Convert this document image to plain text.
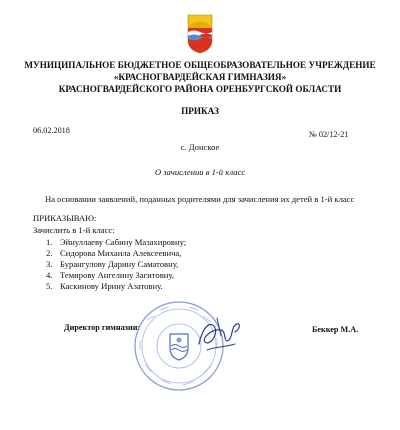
МУНИЦИПАЛЬНОЕ БЮДЖЕТНОЕ ОБЩЕОБРАЗОВАТЕЛЬНОЕ УЧРЕЖДЕНИЕ
«КРАСНОГВАРДЕЙСКАЯ ГИМНАЗИЯ»
КРАСНОГВАРДЕЙСКОГО РАЙОНА ОРЕНБУРГСКОЙ ОБЛАСТИ
ПРИКАЗ
06.02.2018	№ 02/12-21
с. Донское
О зачислении в 1-й класс
На основании заявлений, поданных родителями для зачисления их детей в 1-й класс
ПРИКАЗЫВАЮ:
Зачислить в 1-й класс:
1. Эйнуллаеву Сабину Мазахировну;
2. Сидорова Михаила Алексеевича,
3. Бурангулову Дарину Саматовну,
4. Темирову Ангелину Загитовну,
5. Каскинову Ирину Азатовну.
Директор гимназии:	Беккер М.А.
